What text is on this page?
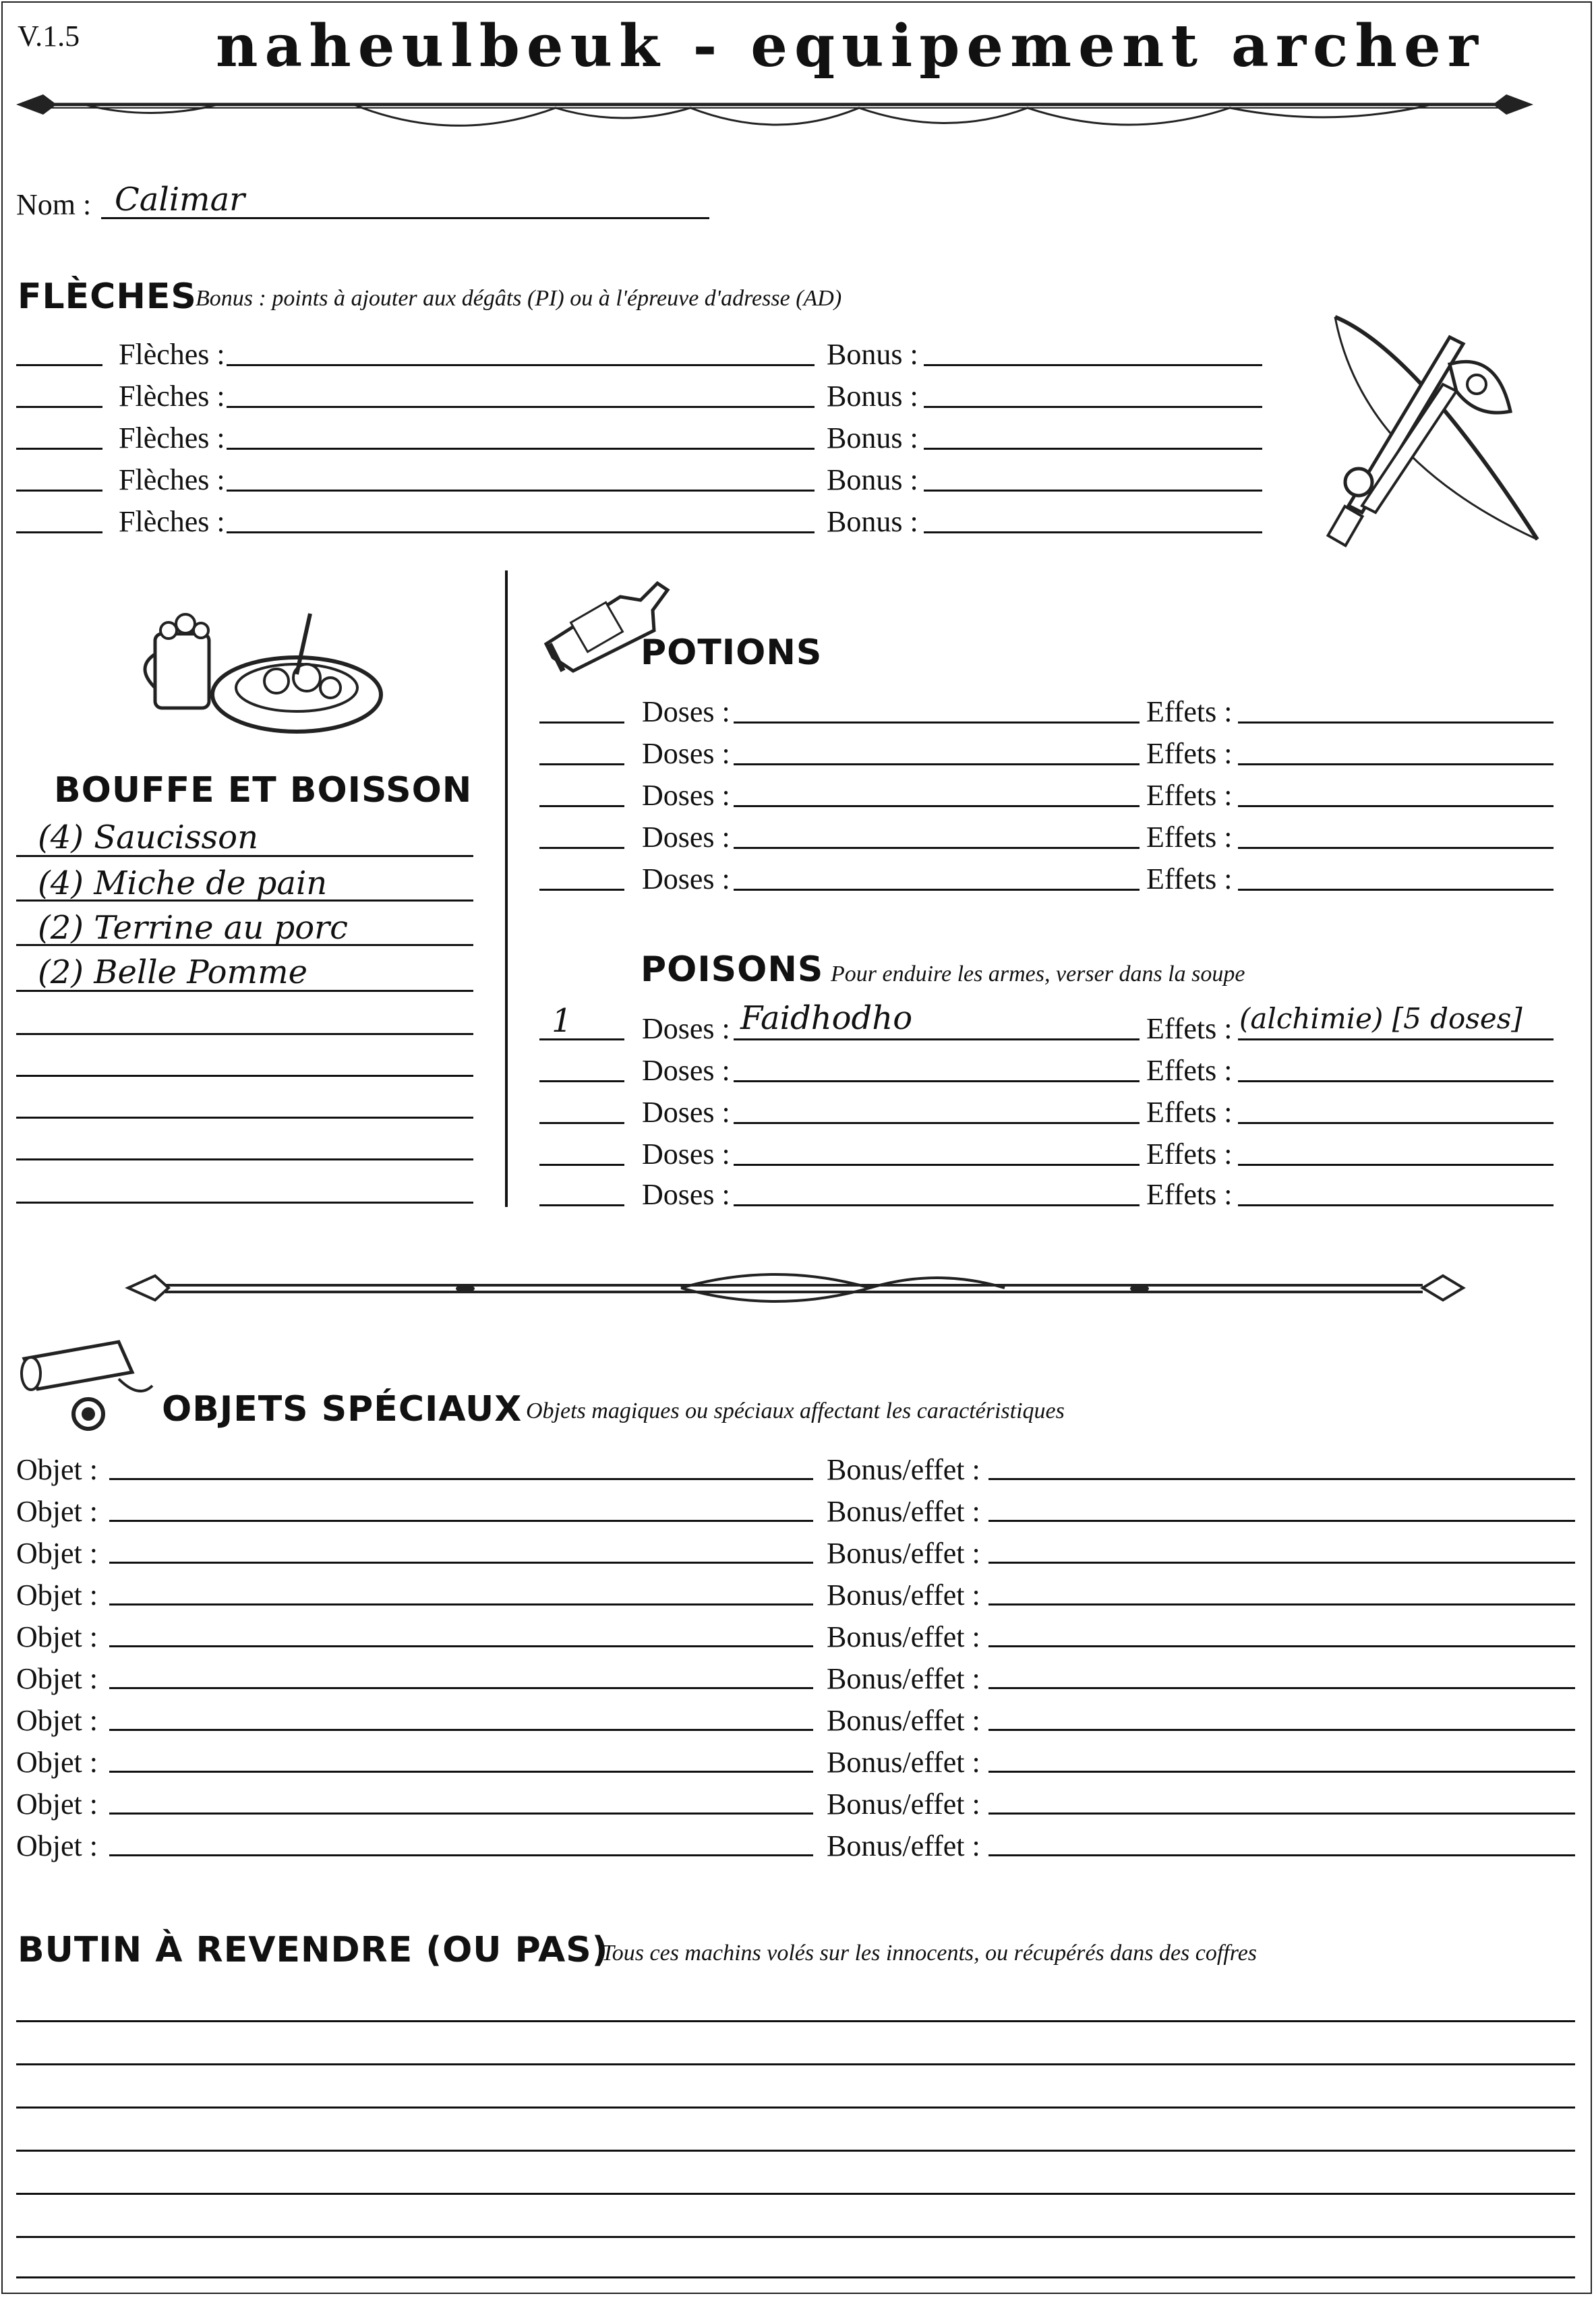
V.1.5 naheulbeuk - equipement archer
Nom : Calimar
FLÈCHES
Bonus : points à ajouter aux dégâts (PI) ou à l'épreuve d'adresse (AD)
Flèches :	Bonus :
Flèches :	Bonus :
Flèches :	Bonus :
Flèches :	Bonus :
Flèches :	Bonus :
BOUFFE ET BOISSON
(4) Saucisson
(4) Miche de pain
(2) Terrine au porc
(2) Belle Pomme
POTIONS
Doses :	Effets :
Doses :	Effets :
Doses :	Effets :
Doses :	Effets :
Doses :	Effets :
POISONS Pour enduire les armes, verser dans la soupe
1 Doses : Faidhodho	Effets : (alchimie) [5 doses]
Doses :	Effets :
Doses :	Effets :
Doses :	Effets :
Doses :	Effets :
OBJETS SPÉCIAUX Objets magiques ou spéciaux affectant les caractéristiques
Objet :	Bonus/effet :
Objet :	Bonus/effet :
Objet :	Bonus/effet :
Objet :	Bonus/effet :
Objet :	Bonus/effet :
Objet :	Bonus/effet :
Objet :	Bonus/effet :
Objet :	Bonus/effet :
Objet :	Bonus/effet :
Objet :	Bonus/effet :
BUTIN À REVENDRE (OU PAS)
Tous ces machins volés sur les innocents, ou récupérés dans des coffres
